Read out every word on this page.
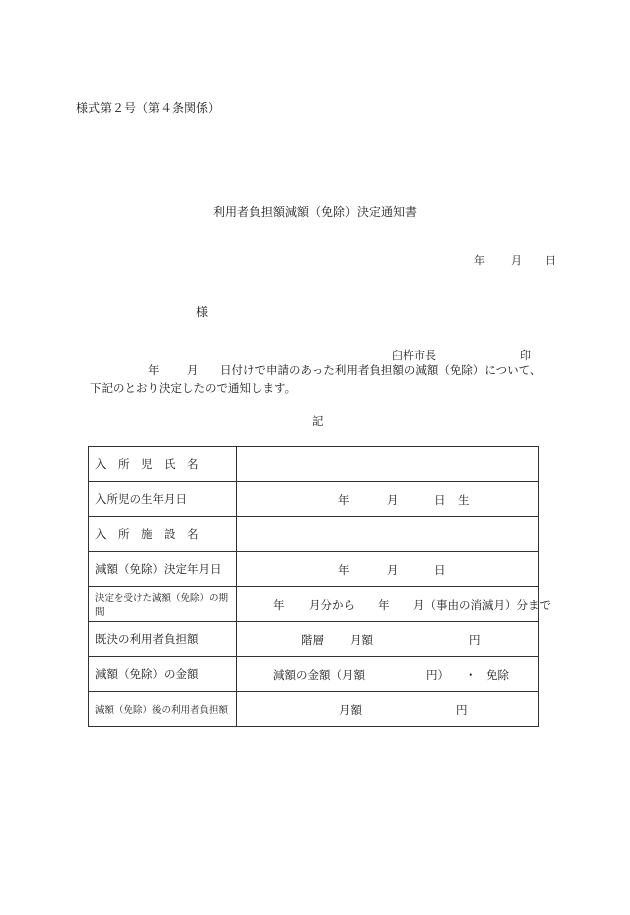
様式第２号（第４条関係）
利用者負担額減額（免除）決定通知書
年 月 日
様
臼杵市長	印
年 月 日付けで申請のあった利用者負担額の減額（免除）について、
下記のとおり決定したので通知します。
記
入　所　児　氏　名	
入所児の生年月日	年 月 日 生

入　所　施　設　名	
減額（免除）決定年月日	年 月 日

決定を受けた減額（免除）の期間	年 月分から 年 月（事由の消滅月）分まで

既決の利用者負担額	階層 月額 円

減額（免除）の金額	減額の金額（月額 円） ・ 免除

減額（免除）後の利用者負担額	月額 円
